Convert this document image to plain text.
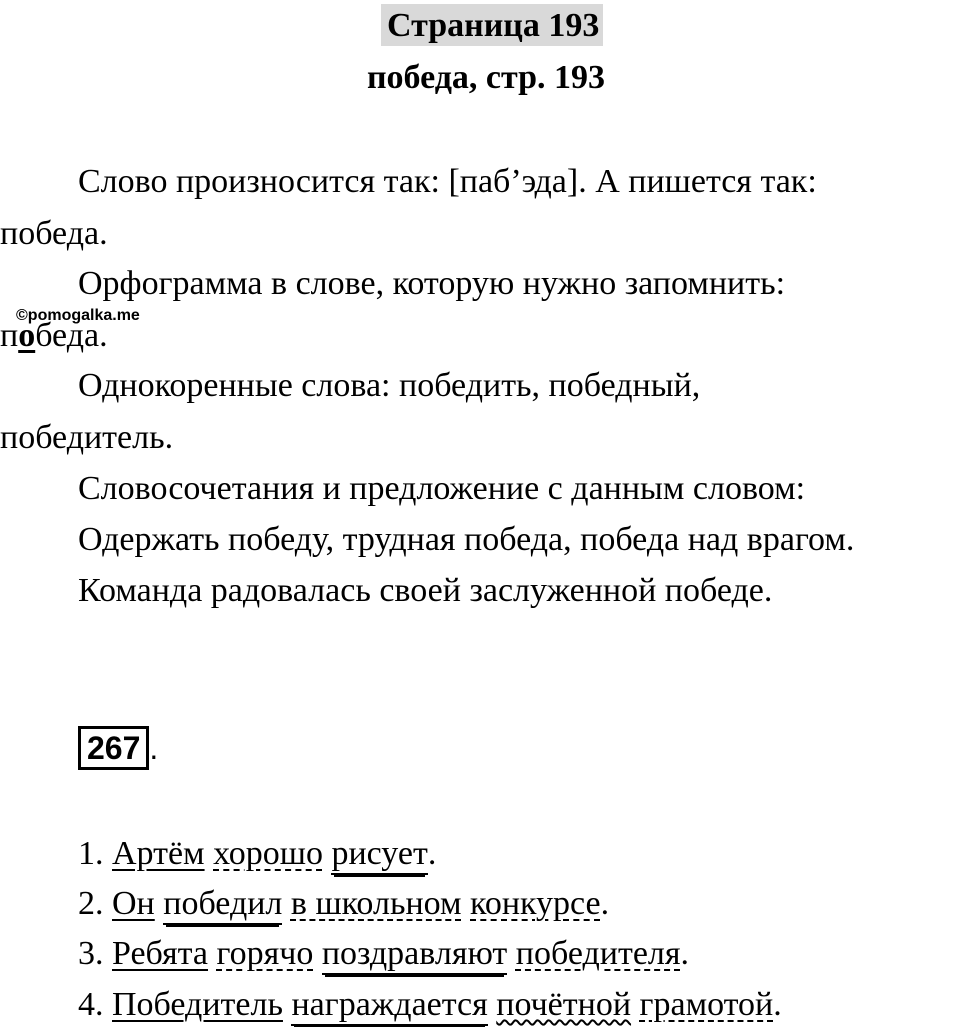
Страница 193
победа, стр. 193
Слово произносится так: [паб’эда]. А пишется так:
победа.
Орфограмма в слове, которую нужно запомнить:
победа.
©pomogalka.me
Однокоренные слова: победить, победный,
победитель.
Словосочетания и предложение с данным словом:
Одержать победу, трудная победа, победа над врагом.
Команда радовалась своей заслуженной победе.
267 .
1. Артём хорошо рисует.
2. Он победил в школьном конкурсе.
3. Ребята горячо поздравляют победителя.
4. Победитель награждается почётной грамотой.
